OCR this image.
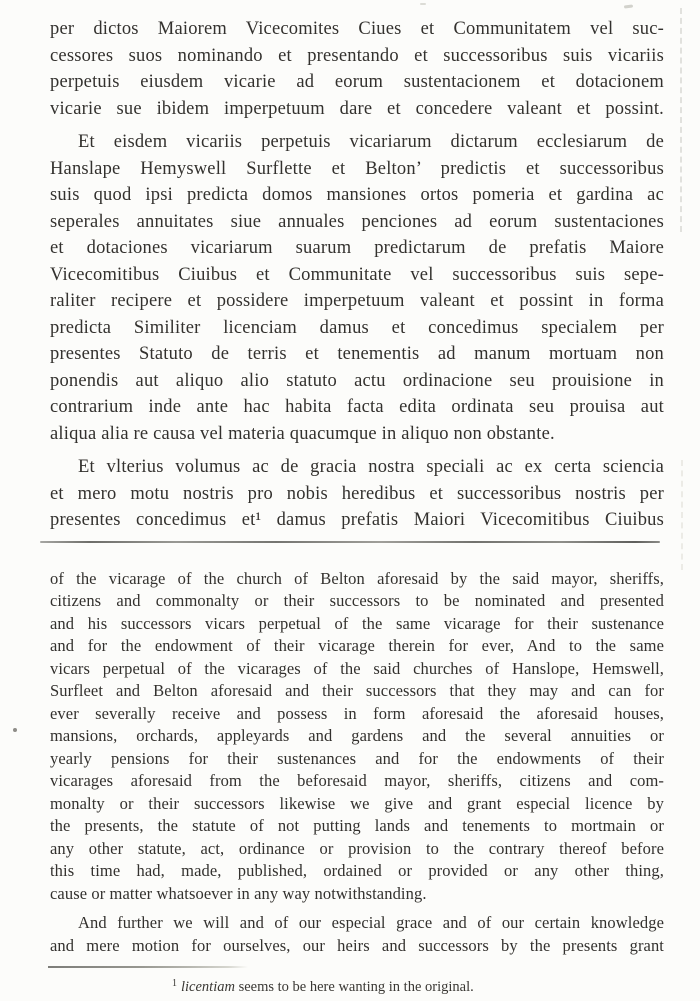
per dictos Maiorem Vicecomites Ciues et Communitatem vel suc-
cessores suos nominando et presentando et successoribus suis vicariis
perpetuis eiusdem vicarie ad eorum sustentacionem et dotacionem
vicarie sue ibidem imperpetuum dare et concedere valeant et possint.
Et eisdem vicariis perpetuis vicariarum dictarum ecclesiarum de
Hanslape Hemyswell Surflette et Belton’ predictis et successoribus
suis quod ipsi predicta domos mansiones ortos pomeria et gardina ac
seperales annuitates siue annuales penciones ad eorum sustentaciones
et dotaciones vicariarum suarum predictarum de prefatis Maiore
Vicecomitibus Ciuibus et Communitate vel successoribus suis sepe-
raliter recipere et possidere imperpetuum valeant et possint in forma
predicta Similiter licenciam damus et concedimus specialem per
presentes Statuto de terris et tenementis ad manum mortuam non
ponendis aut aliquo alio statuto actu ordinacione seu prouisione in
contrarium inde ante hac habita facta edita ordinata seu prouisa aut
aliqua alia re causa vel materia quacumque in aliquo non obstante.
Et vlterius volumus ac de gracia nostra speciali ac ex certa sciencia
et mero motu nostris pro nobis heredibus et successoribus nostris per
presentes concedimus et¹ damus prefatis Maiori Vicecomitibus Ciuibus
of the vicarage of the church of Belton aforesaid by the said mayor, sheriffs,
citizens and commonalty or their successors to be nominated and presented
and his successors vicars perpetual of the same vicarage for their sustenance
and for the endowment of their vicarage therein for ever, And to the same
vicars perpetual of the vicarages of the said churches of Hanslope, Hemswell,
Surfleet and Belton aforesaid and their successors that they may and can for
ever severally receive and possess in form aforesaid the aforesaid houses,
mansions, orchards, appleyards and gardens and the several annuities or
yearly pensions for their sustenances and for the endowments of their
vicarages aforesaid from the beforesaid mayor, sheriffs, citizens and com-
monalty or their successors likewise we give and grant especial licence by
the presents, the statute of not putting lands and tenements to mortmain or
any other statute, act, ordinance or provision to the contrary thereof before
this time had, made, published, ordained or provided or any other thing,
cause or matter whatsoever in any way notwithstanding.
And further we will and of our especial grace and of our certain knowledge
and mere motion for ourselves, our heirs and successors by the presents grant
$^1$ licentiam seems to be here wanting in the original.
